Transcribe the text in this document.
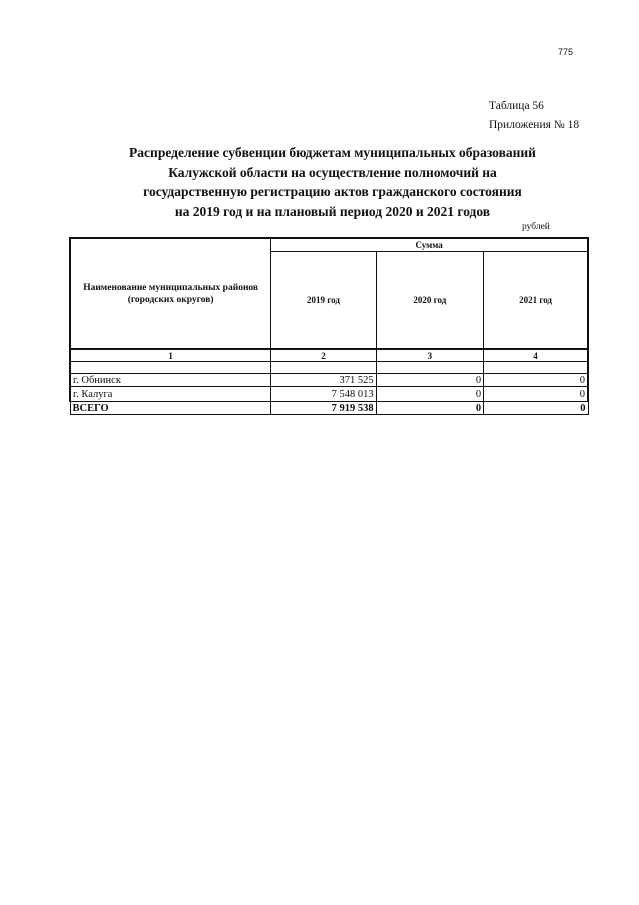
775
Таблица 56
Приложения № 18
Распределение субвенции бюджетам муниципальных образований
Калужской области на осуществление полномочий на
государственную регистрацию актов гражданского состояния
на 2019 год и на плановый период 2020 и 2021 годов
рублей
Наименование муниципальных районов (городских округов)	Сумма		
	2019 год	2020 год	2021 год
1	2	3	4

г. Обнинск	371 525	0	0
г. Калуга	7 548 013	0	0
ВСЕГО	7 919 538	0	0
